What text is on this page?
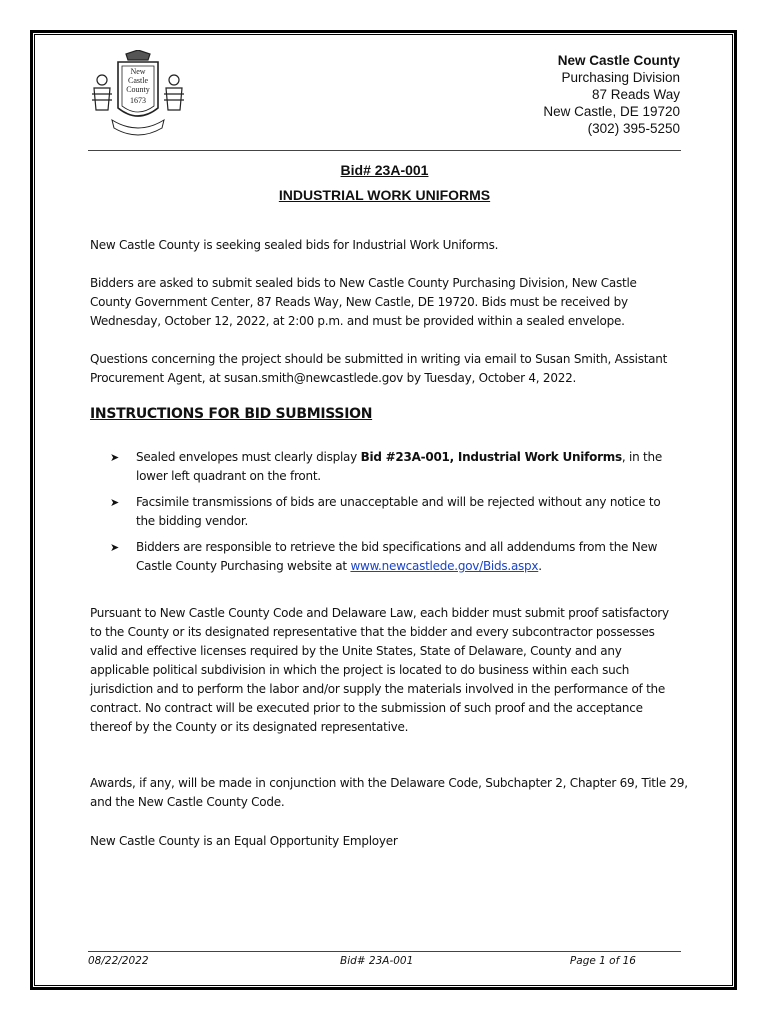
New
Castle
County
1673
New Castle County
Purchasing Division
87 Reads Way
New Castle, DE 19720
(302) 395-5250
Bid# 23A-001
INDUSTRIAL WORK UNIFORMS

New Castle County is seeking sealed bids for Industrial Work Uniforms.

Bidders are asked to submit sealed bids to New Castle County Purchasing Division, New Castle County Government Center, 87 Reads Way, New Castle, DE 19720. Bids must be received by Wednesday, October 12, 2022, at 2:00 p.m. and must be provided within a sealed envelope.

Questions concerning the project should be submitted in writing via email to Susan Smith, Assistant Procurement Agent, at susan.smith@newcastlede.gov by Tuesday, October 4, 2022.

INSTRUCTIONS FOR BID SUBMISSION
➤ Sealed envelopes must clearly display Bid #23A-001, Industrial Work Uniforms, in the lower left quadrant on the front.
➤ Facsimile transmissions of bids are unacceptable and will be rejected without any notice to the bidding vendor.
➤ Bidders are responsible to retrieve the bid specifications and all addendums from the New Castle County Purchasing website at www.newcastlede.gov/Bids.aspx.

Pursuant to New Castle County Code and Delaware Law, each bidder must submit proof satisfactory to the County or its designated representative that the bidder and every subcontractor possesses valid and effective licenses required by the Unite States, State of Delaware, County and any applicable political subdivision in which the project is located to do business within each such jurisdiction and to perform the labor and/or supply the materials involved in the performance of the contract. No contract will be executed prior to the submission of such proof and the acceptance thereof by the County or its designated representative.

Awards, if any, will be made in conjunction with the Delaware Code, Subchapter 2, Chapter 69, Title 29, and the New Castle County Code.

New Castle County is an Equal Opportunity Employer

08/22/2022	Bid# 23A-001	Page 1 of 16
